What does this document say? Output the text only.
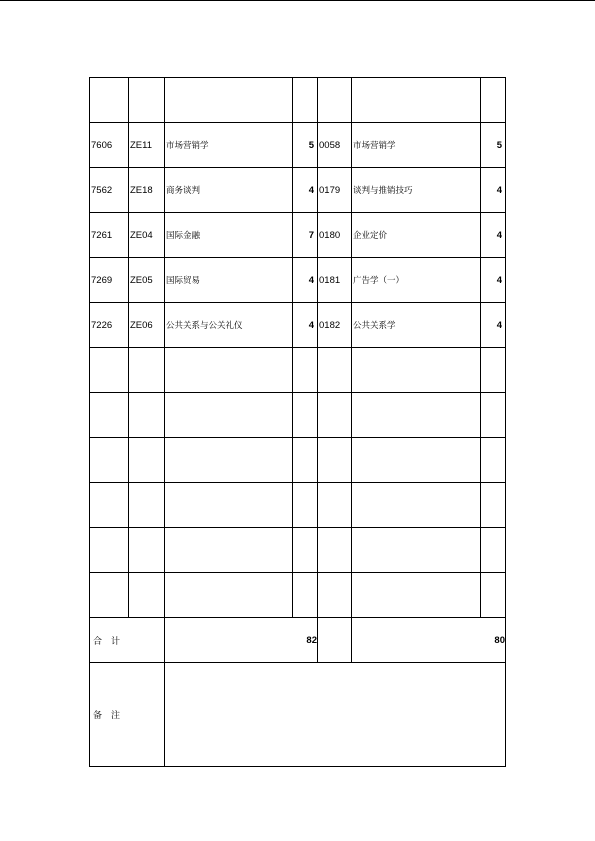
7606	ZE11	市场营销学	5	0058	市场营销学	5
7562	ZE18	商务谈判	4	0179	谈判与推销技巧	4
7261	ZE04	国际金融	7	0180	企业定价	4
7269	ZE05	国际贸易	4	0181	广告学（一）	4
7226	ZE06	公共关系与公关礼仪	4	0182	公共关系学	4

合　计		82			80	
备　注						
